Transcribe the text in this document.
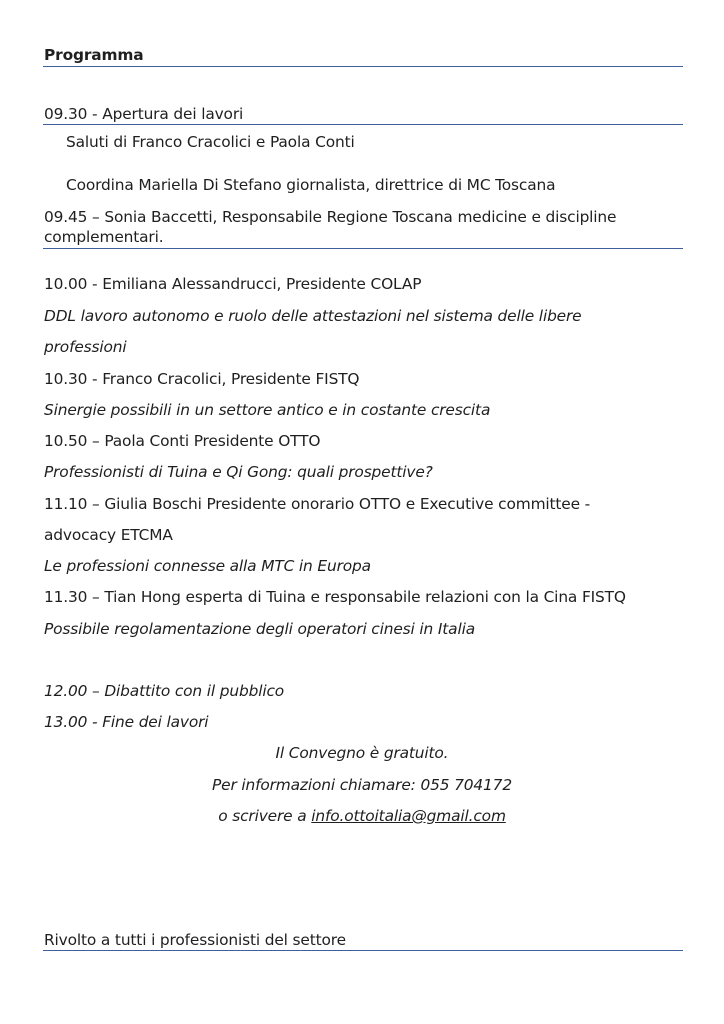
Programma
09.30 - Apertura dei lavori
Saluti di Franco Cracolici e Paola Conti
Coordina Mariella Di Stefano giornalista, direttrice di MC Toscana
09.45 – Sonia Baccetti, Responsabile Regione Toscana medicine e discipline
complementari.
10.00 - Emiliana Alessandrucci, Presidente COLAP
DDL lavoro autonomo e ruolo delle attestazioni nel sistema delle libere
professioni
10.30 - Franco Cracolici, Presidente FISTQ
Sinergie possibili in un settore antico e in costante crescita
10.50 – Paola Conti Presidente OTTO
Professionisti di Tuina e Qi Gong: quali prospettive?
11.10 – Giulia Boschi Presidente onorario OTTO e Executive committee -
advocacy ETCMA
Le professioni connesse alla MTC in Europa
11.30 – Tian Hong esperta di Tuina e responsabile relazioni con la Cina FISTQ
Possibile regolamentazione degli operatori cinesi in Italia
12.00 – Dibattito con il pubblico
13.00 - Fine dei lavori
Il Convegno è gratuito.
Per informazioni chiamare: 055 704172
o scrivere a info.ottoitalia@gmail.com
Rivolto a tutti i professionisti del settore
